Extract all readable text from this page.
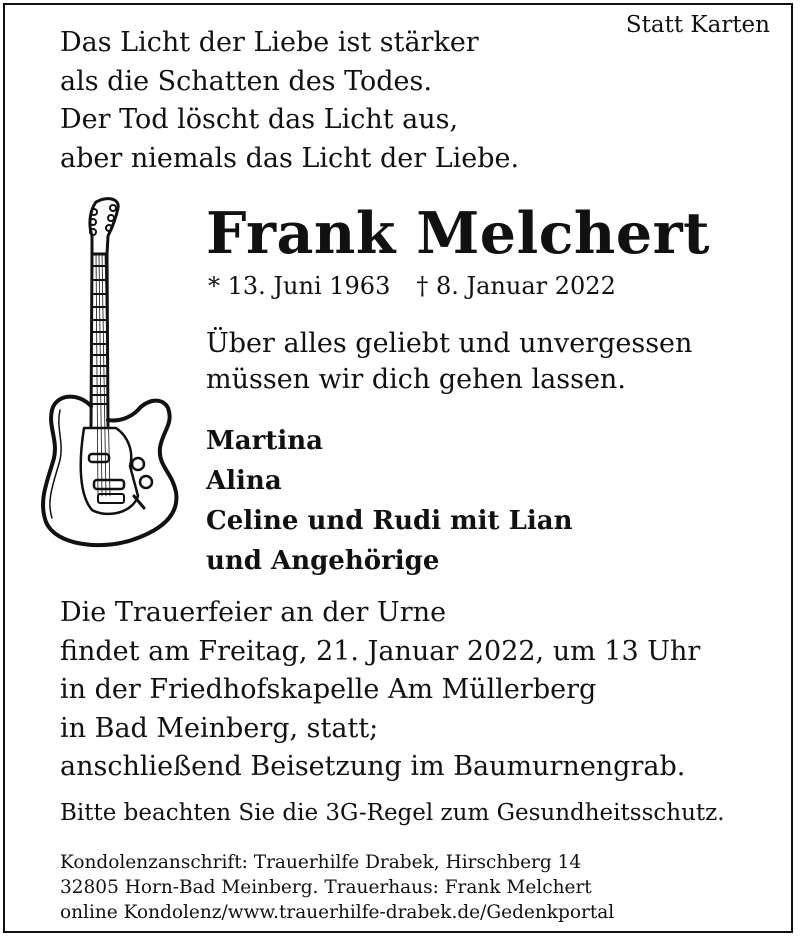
Statt Karten
Das Licht der Liebe ist stärker
als die Schatten des Todes.
Der Tod löscht das Licht aus,
aber niemals das Licht der Liebe.
Frank Melchert
* 13. Juni 1963 † 8. Januar 2022
Über alles geliebt und unvergessen
müssen wir dich gehen lassen.
Martina
Alina
Celine und Rudi mit Lian
und Angehörige
Die Trauerfeier an der Urne
findet am Freitag, 21. Januar 2022, um 13 Uhr
in der Friedhofskapelle Am Müllerberg
in Bad Meinberg, statt;
anschließend Beisetzung im Baumurnengrab.
Bitte beachten Sie die 3G-Regel zum Gesundheitsschutz.
Kondolenzanschrift: Trauerhilfe Drabek, Hirschberg 14
32805 Horn-Bad Meinberg. Trauerhaus: Frank Melchert
online Kondolenz/www.trauerhilfe-drabek.de/Gedenkportal
